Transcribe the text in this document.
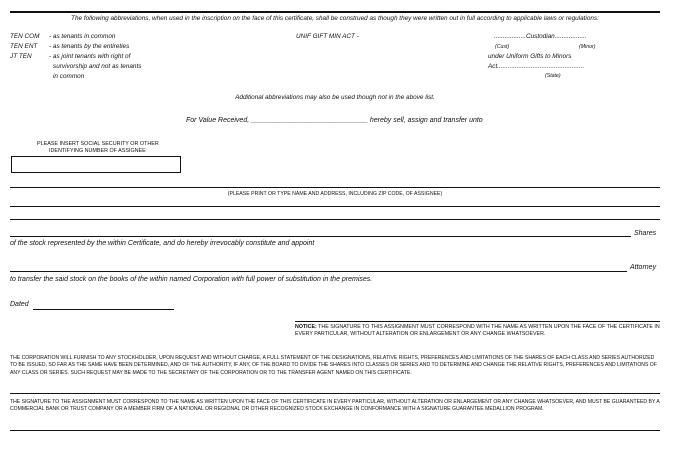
The following abbreviations, when used in the inscription on the face of this certificate, shall be construed as though they were written out in full according to applicable laws or regulations:
TEN COM - as tenants in common
TEN ENT - as tenants by the entireties
JT TEN	- as joint tenants with right of
survivorship and not as tenants
in common
UNIF GIFT MIN ACT -	..................Custodian..................
(Cust)	(Minor)
under Uniform Gifts to Minors
Act.................................................
(State)
Additional abbreviations may also be used though not in the above list.
For Value Received, ______________________________ hereby sell, assign and transfer unto
PLEASE INSERT SOCIAL SECURITY OR OTHER
IDENTIFYING NUMBER OF ASSIGNEE
(PLEASE PRINT OR TYPE NAME AND ADDRESS, INCLUDING ZIP CODE, OF ASSIGNEE)
Shares
of the stock represented by the within Certificate, and do hereby irrevocably constitute and appoint
Attorney
to transfer the said stock on the books of the within named Corporation with full power of substitution in the premises.
Dated
NOTICE: THE SIGNATURE TO THIS ASSIGNMENT MUST CORRESPOND WITH THE NAME AS WRITTEN UPON THE FACE OF THE CERTIFICATE IN EVERY PARTICULAR, WITHOUT ALTERATION OR ENLARGEMENT OR ANY CHANGE WHATSOEVER.
THE CORPORATION WILL FURNISH TO ANY STOCKHOLDER, UPON REQUEST AND WITHOUT CHARGE, A FULL STATEMENT OF THE DESIGNATIONS, RELATIVE RIGHTS, PREFERENCES AND LIMITATIONS OF THE SHARES OF EACH CLASS AND SERIES AUTHORIZED TO BE ISSUED, SO FAR AS THE SAME HAVE BEEN DETERMINED, AND OF THE AUTHORITY, IF ANY, OF THE BOARD TO DIVIDE THE SHARES INTO CLASSES OR SERIES AND TO DETERMINE AND CHANGE THE RELATIVE RIGHTS, PREFERENCES AND LIMITATIONS OF ANY CLASS OR SERIES. SUCH REQUEST MAY BE MADE TO THE SECRETARY OF THE CORPORATION OR TO THE TRANSFER AGENT NAMED ON THIS CERTIFICATE.
THE SIGNATURE TO THE ASSIGNMENT MUST CORRESPOND TO THE NAME AS WRITTEN UPON THE FACE OF THIS CERTIFICATE IN EVERY PARTICULAR, WITHOUT ALTERATION OR ENLARGEMENT OR ANY CHANGE WHATSOEVER, AND MUST BE GUARANTEED BY A COMMERCIAL BANK OR TRUST COMPANY OR A MEMBER FIRM OF A NATIONAL OR REGIONAL OR OTHER RECOGNIZED STOCK EXCHANGE IN CONFORMANCE WITH A SIGNATURE GUARANTEE MEDALLION PROGRAM.
